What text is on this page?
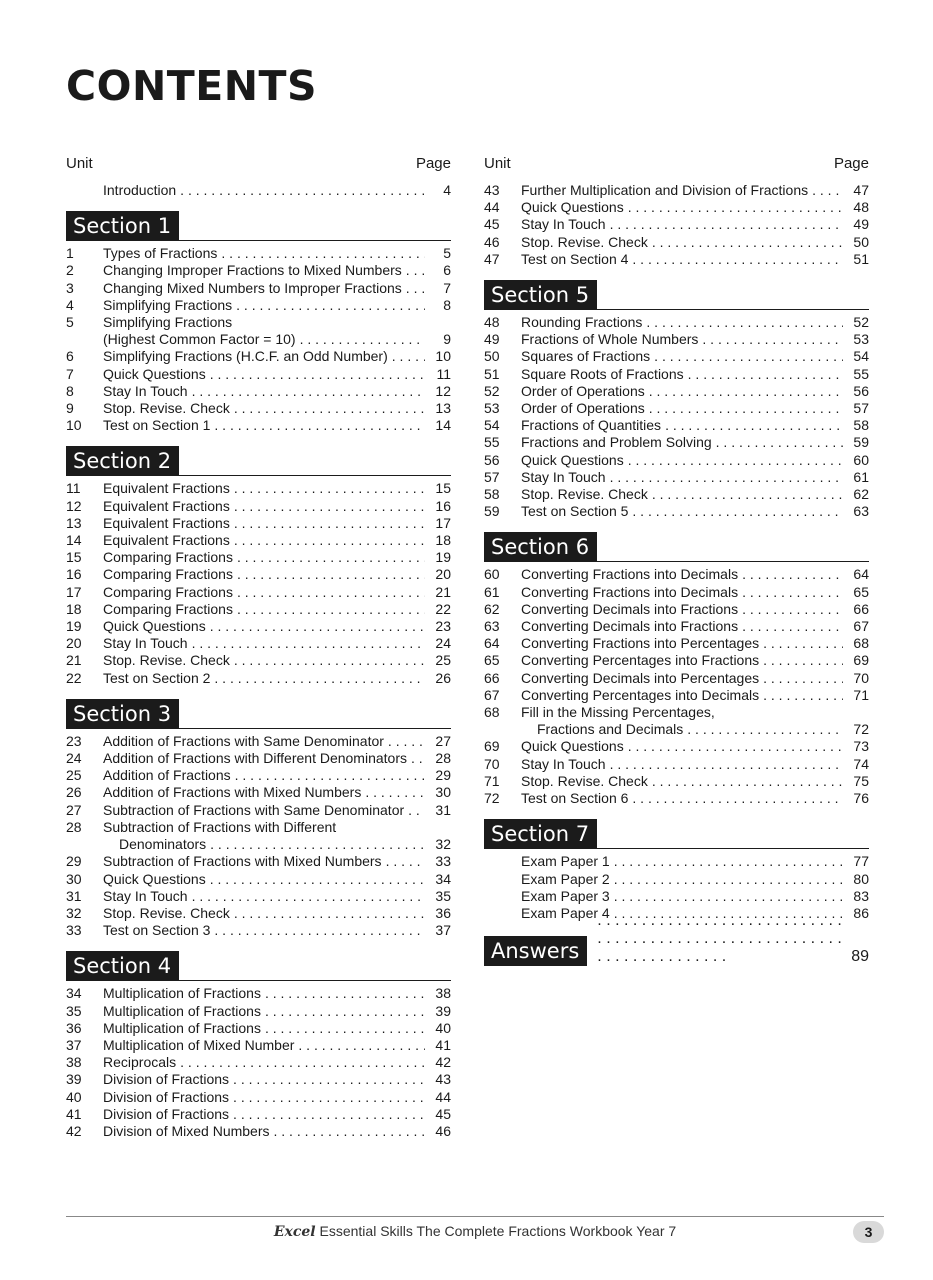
CONTENTS
Unit	Page
Introduction . . .	4
Section 1
1	Types of Fractions . . .	5
2	Changing Improper Fractions to Mixed Numbers . . .	6
3	Changing Mixed Numbers to Improper Fractions . . .	7
4	Simplifying Fractions . . .	8
5	Simplifying Fractions
(Highest Common Factor = 10) . . .	9
6	Simplifying Fractions (H.C.F. an Odd Number) . . .	10
7	Quick Questions . . .	11
8	Stay In Touch . . .	12
9	Stop. Revise. Check . . .	13
10	Test on Section 1 . . .	14
Section 2
11	Equivalent Fractions . . .	15
12	Equivalent Fractions . . .	16
13	Equivalent Fractions . . .	17
14	Equivalent Fractions . . .	18
15	Comparing Fractions . . .	19
16	Comparing Fractions . . .	20
17	Comparing Fractions . . .	21
18	Comparing Fractions . . .	22
19	Quick Questions . . .	23
20	Stay In Touch . . .	24
21	Stop. Revise. Check . . .	25
22	Test on Section 2 . . .	26
Section 3
23	Addition of Fractions with Same Denominator . . .	27
24	Addition of Fractions with Different Denominators . . .	28
25	Addition of Fractions . . .	29
26	Addition of Fractions with Mixed Numbers . . .	30
27	Subtraction of Fractions with Same Denominator . . .	31
28	Subtraction of Fractions with Different
Denominators . . .	32
29	Subtraction of Fractions with Mixed Numbers . . .	33
30	Quick Questions . . .	34
31	Stay In Touch . . .	35
32	Stop. Revise. Check . . .	36
33	Test on Section 3 . . .	37
Section 4
34	Multiplication of Fractions . . .	38
35	Multiplication of Fractions . . .	39
36	Multiplication of Fractions . . .	40
37	Multiplication of Mixed Number . . .	41
38	Reciprocals . . .	42
39	Division of Fractions . . .	43
40	Division of Fractions . . .	44
41	Division of Fractions . . .	45
42	Division of Mixed Numbers . . .	46
Unit	Page
43	Further Multiplication and Division of Fractions . . .	47
44	Quick Questions . . .	48
45	Stay In Touch . . .	49
46	Stop. Revise. Check . . .	50
47	Test on Section 4 . . .	51
Section 5
48	Rounding Fractions . . .	52
49	Fractions of Whole Numbers . . .	53
50	Squares of Fractions . . .	54
51	Square Roots of Fractions . . .	55
52	Order of Operations . . .	56
53	Order of Operations . . .	57
54	Fractions of Quantities . . .	58
55	Fractions and Problem Solving . . .	59
56	Quick Questions . . .	60
57	Stay In Touch . . .	61
58	Stop. Revise. Check . . .	62
59	Test on Section 5 . . .	63
Section 6
60	Converting Fractions into Decimals . . .	64
61	Converting Fractions into Decimals . . .	65
62	Converting Decimals into Fractions . . .	66
63	Converting Decimals into Fractions . . .	67
64	Converting Fractions into Percentages . . .	68
65	Converting Percentages into Fractions . . .	69
66	Converting Decimals into Percentages . . .	70
67	Converting Percentages into Decimals . . .	71
68	Fill in the Missing Percentages,
Fractions and Decimals . . .	72
69	Quick Questions . . .	73
70	Stay In Touch . . .	74
71	Stop. Revise. Check . . .	75
72	Test on Section 6 . . .	76
Section 7
Exam Paper 1 . . .	77
Exam Paper 2 . . .	80
Exam Paper 3 . . .	83
Exam Paper 4 . . .	86
Answers . . .	89
Excel Essential Skills The Complete Fractions Workbook Year 7	3
